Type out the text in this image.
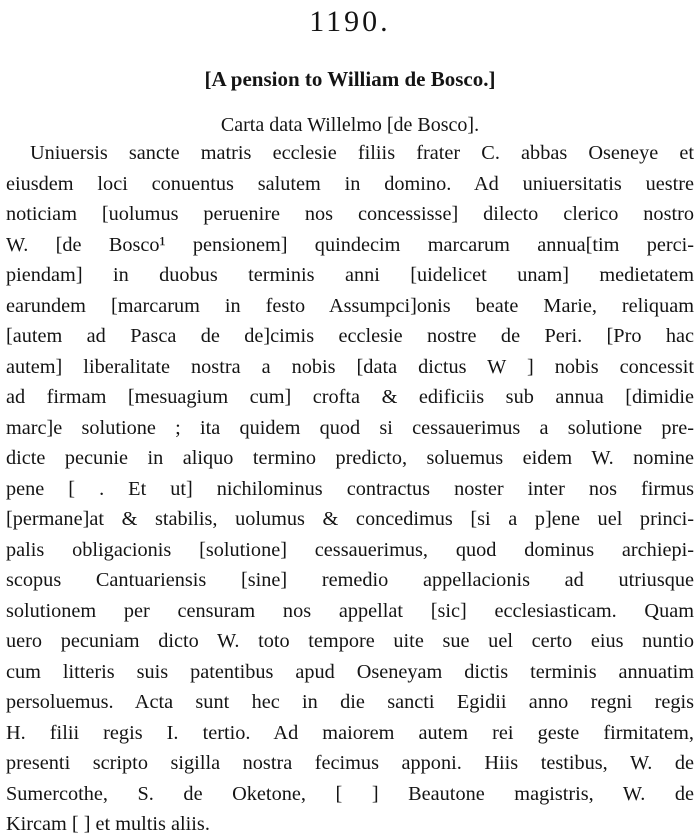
1190.
[A pension to William de Bosco.]
Carta data Willelmo [de Bosco].
Uniuersis sancte matris ecclesie filiis frater C. abbas Oseneye et
eiusdem loci conuentus salutem in domino. Ad uniuersitatis uestre
noticiam [uolumus peruenire nos concessisse] dilecto clerico nostro
W. [de Bosco¹ pensionem] quindecim marcarum annua[tim perci-
piendam] in duobus terminis anni [uidelicet unam] medietatem
earundem [marcarum in festo Assumpci]onis beate Marie, reliquam
[autem ad Pasca de de]cimis ecclesie nostre de Peri. [Pro hac
autem] liberalitate nostra a nobis [data dictus W ] nobis concessit
ad firmam [mesuagium cum] crofta & edificiis sub annua [dimidie
marc]e solutione ; ita quidem quod si cessauerimus a solutione pre-
dicte pecunie in aliquo termino predicto, soluemus eidem W. nomine
pene [ . Et ut] nichilominus contractus noster inter nos firmus
[permane]at & stabilis, uolumus & concedimus [si a p]ene uel princi-
palis obligacionis [solutione] cessauerimus, quod dominus archiepi-
scopus Cantuariensis [sine] remedio appellacionis ad utriusque
solutionem per censuram nos appellat [sic] ecclesiasticam. Quam
uero pecuniam dicto W. toto tempore uite sue uel certo eius nuntio
cum litteris suis patentibus apud Oseneyam dictis terminis annuatim
persoluemus. Acta sunt hec in die sancti Egidii anno regni regis
H. filii regis I. tertio. Ad maiorem autem rei geste firmitatem,
presenti scripto sigilla nostra fecimus apponi. Hiis testibus, W. de
Sumercothe, S. de Oketone, [ ] Beautone magistris, W. de
Kircam [ ] et multis aliis.
